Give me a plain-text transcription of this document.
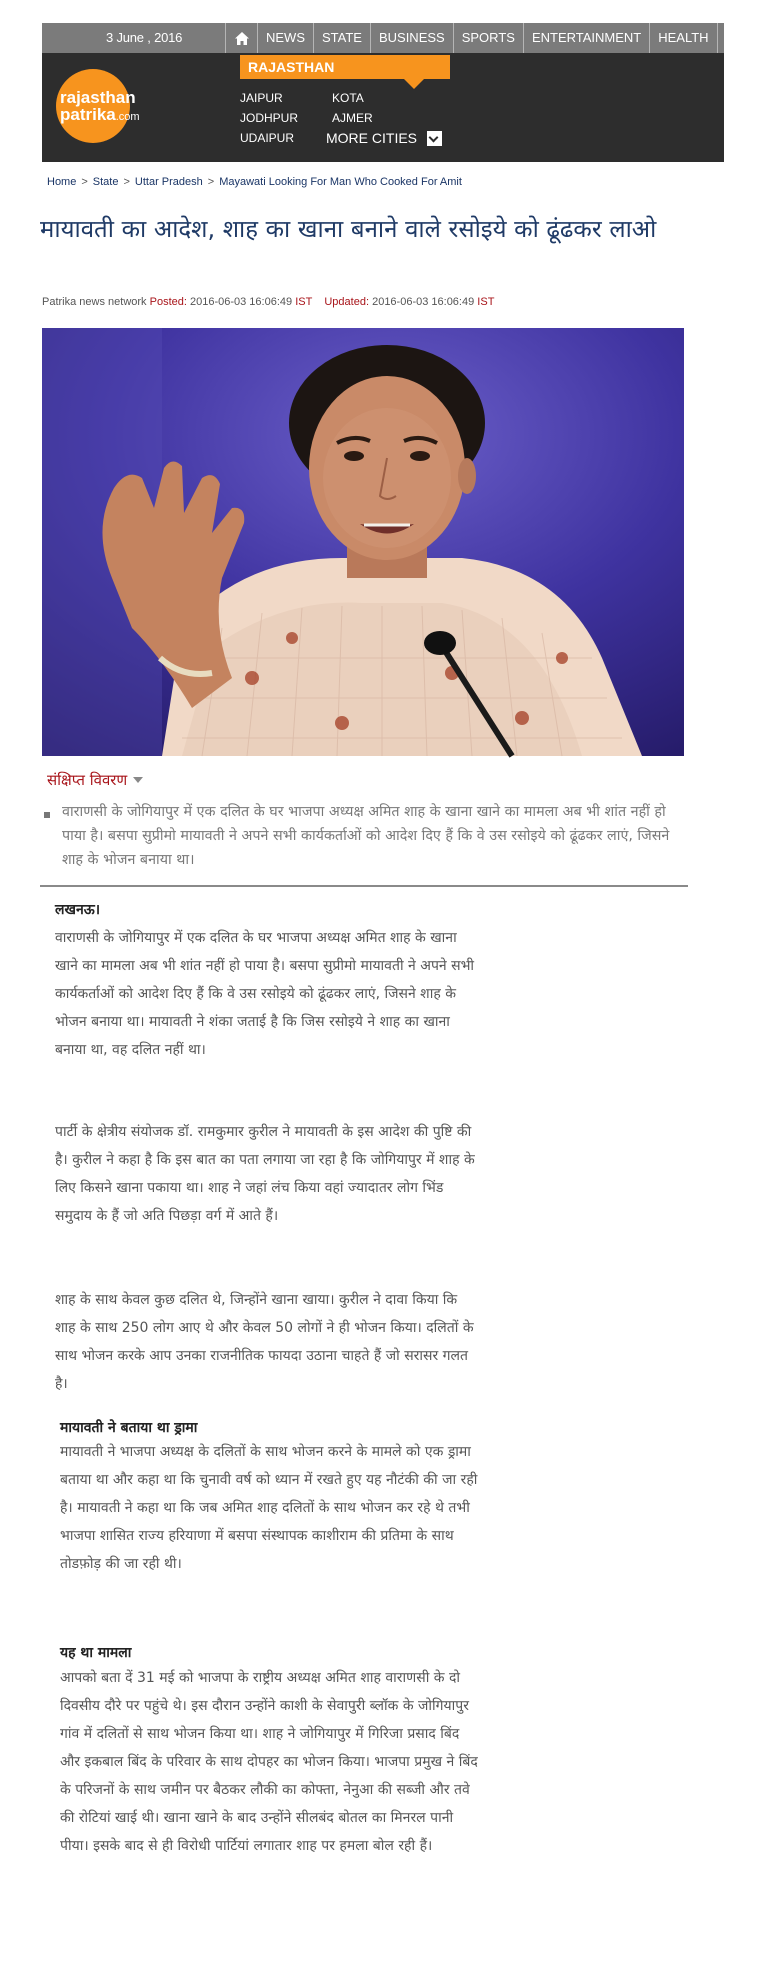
3 June , 2016	NEWS	STATE	BUSINESS	SPORTS	ENTERTAINMENT	HEALTH	ASTRO
rajasthan
patrika.com
RAJASTHAN
JAIPUR	KOTA
JODHPUR	AJMER
UDAIPUR MORE CITIES
Home > State > Uttar Pradesh > Mayawati Looking For Man Who Cooked For Amit
मायावती का आदेश, शाह का खाना बनाने वाले रसोइये को ढूंढकर लाओ
Patrika news network Posted: 2016-06-03 16:06:49 IST Updated: 2016-06-03 16:06:49 IST
संक्षिप्त विवरण
वाराणसी के जोगियापुर में एक दलित के घर भाजपा अध्यक्ष अमित शाह के खाना खाने का मामला अब भी शांत नहीं हो पाया है। बसपा सुप्रीमो मायावती ने अपने सभी कार्यकर्ताओं को आदेश दिए हैं कि वे उस रसोइये को ढूंढकर लाएं, जिसने शाह के भोजन बनाया था।
लखनऊ।
वाराणसी के जोगियापुर में एक दलित के घर भाजपा अध्यक्ष अमित शाह के खाना खाने का मामला अब भी शांत नहीं हो पाया है। बसपा सुप्रीमो मायावती ने अपने सभी कार्यकर्ताओं को आदेश दिए हैं कि वे उस रसोइये को ढूंढकर लाएं, जिसने शाह के भोजन बनाया था। मायावती ने शंका जताई है कि जिस रसोइये ने शाह का खाना बनाया था, वह दलित नहीं था।
पार्टी के क्षेत्रीय संयोजक डॉ. रामकुमार कुरील ने मायावती के इस आदेश की पुष्टि की है। कुरील ने कहा है कि इस बात का पता लगाया जा रहा है कि जोगियापुर में शाह के लिए किसने खाना पकाया था। शाह ने जहां लंच किया वहां ज्यादातर लोग भिंड समुदाय के हैं जो अति पिछड़ा वर्ग में आते हैं।
शाह के साथ केवल कुछ दलित थे, जिन्होंने खाना खाया। कुरील ने दावा किया कि शाह के साथ 250 लोग आए थे और केवल 50 लोगों ने ही भोजन किया। दलितों के साथ भोजन करके आप उनका राजनीतिक फायदा उठाना चाहते हैं जो सरासर गलत है।
मायावती ने बताया था ड्रामा
मायावती ने भाजपा अध्यक्ष के दलितों के साथ भोजन करने के मामले को एक ड्रामा बताया था और कहा था कि चुनावी वर्ष को ध्यान में रखते हुए यह नौटंकी की जा रही है। मायावती ने कहा था कि जब अमित शाह दलितों के साथ भोजन कर रहे थे तभी भाजपा शासित राज्य हरियाणा में बसपा संस्थापक काशीराम की प्रतिमा के साथ तोडफ़ोड़ की जा रही थी।
यह था मामला
आपको बता दें 31 मई को भाजपा के राष्ट्रीय अध्यक्ष अमित शाह वाराणसी के दो दिवसीय दौरे पर पहुंचे थे। इस दौरान उन्होंने काशी के सेवापुरी ब्लॉक के जोगियापुर गांव में दलितों से साथ भोजन किया था। शाह ने जोगियापुर में गिरिजा प्रसाद बिंद और इकबाल बिंद के परिवार के साथ दोपहर का भोजन किया। भाजपा प्रमुख ने बिंद के परिजनों के साथ जमीन पर बैठकर लौकी का कोफ्ता, नेनुआ की सब्जी और तवे की रोटियां खाई थी। खाना खाने के बाद उन्होंने सीलबंद बोतल का मिनरल पानी पीया। इसके बाद से ही विरोधी पार्टियां लगातार शाह पर हमला बोल रही हैं।
